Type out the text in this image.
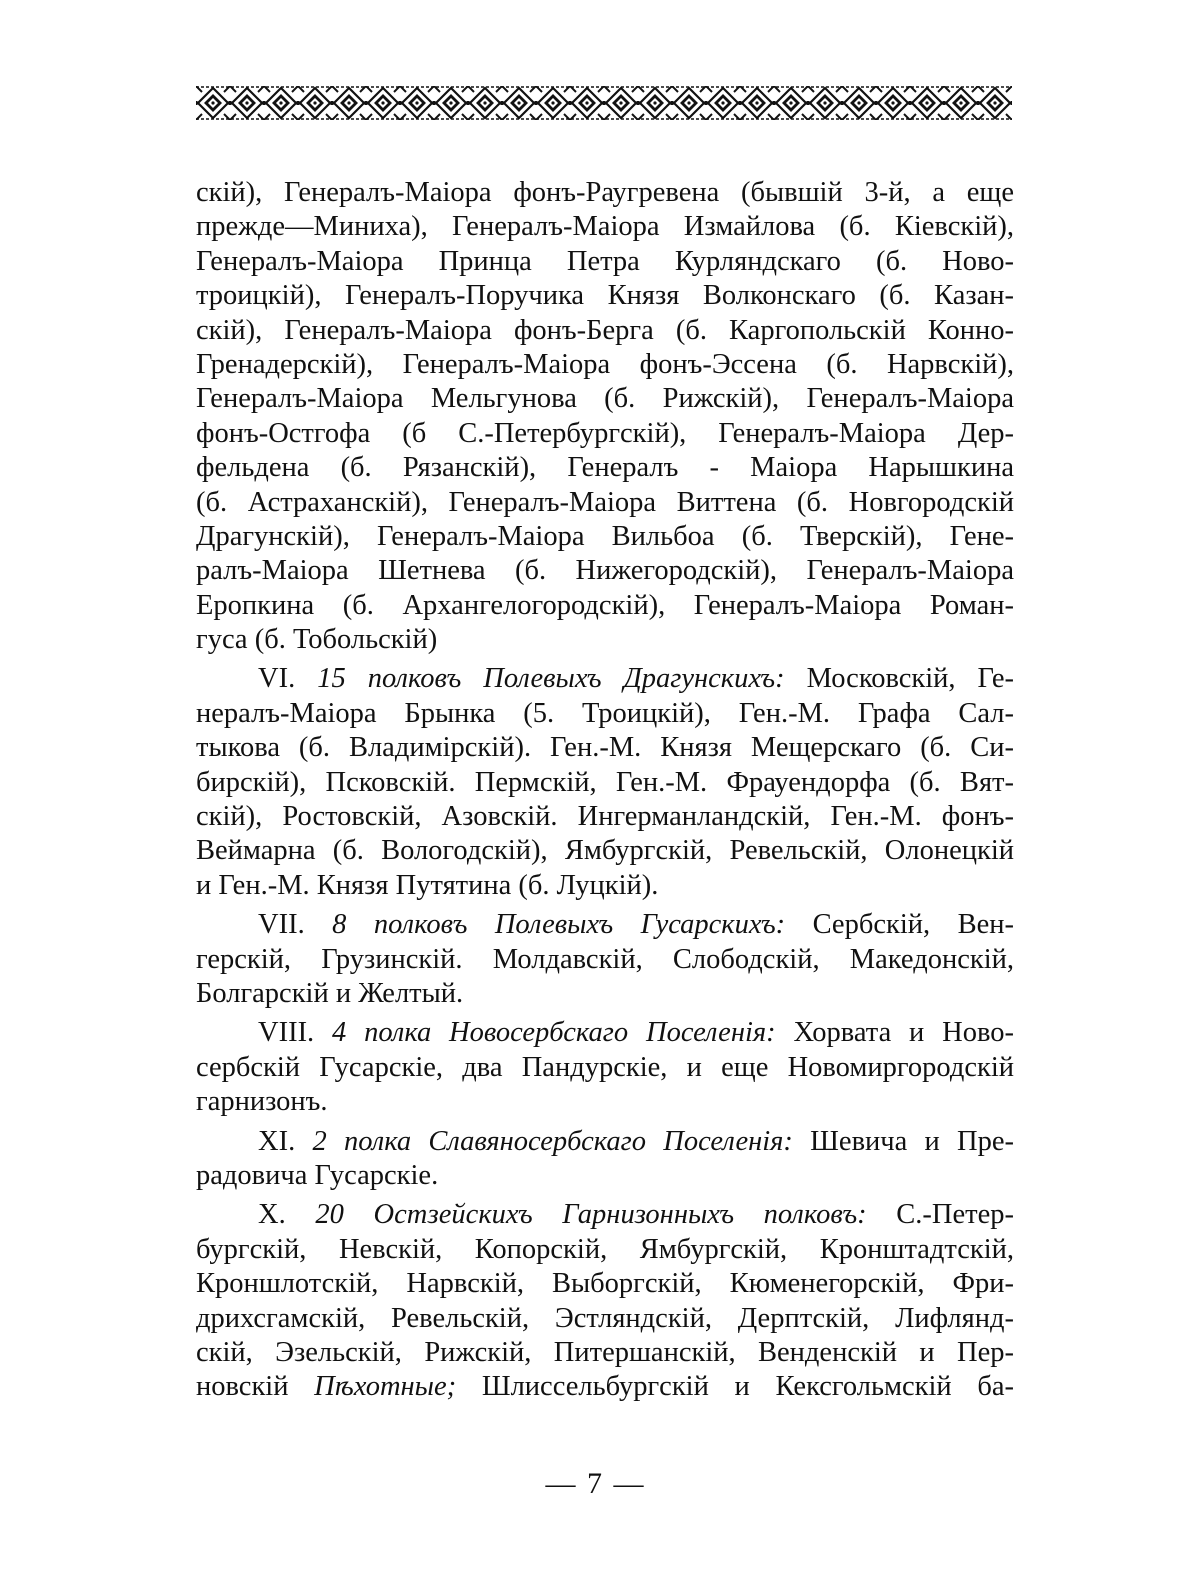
скій), Генералъ-Маіора фонъ-Раугревена (бывшій 3-й, а еще
прежде—Миниха), Генералъ-Маіора Измайлова (б. Кіевскій),
Генералъ-Маіора Принца Петра Курляндскаго (б. Ново-
троицкій), Генералъ-Поручика Князя Волконскаго (б. Казан-
скій), Генералъ-Маіора фонъ-Берга (б. Каргопольскій Конно-
Гренадерскій), Генералъ-Маіора фонъ-Эссена (б. Нарвскій),
Генералъ-Маіора Мельгунова (б. Рижскій), Генералъ-Маіора
фонъ-Остгофа (б С.-Петербургскій), Генералъ-Маіора Дер-
фельдена (б. Рязанскій), Генералъ - Маіора Нарышкина
(б. Астраханскій), Генералъ-Маіора Виттена (б. Новгородскій
Драгунскій), Генералъ-Маіора Вильбоа (б. Тверскій), Гене-
ралъ-Маіора Шетнева (б. Нижегородскій), Генералъ-Маіора
Еропкина (б. Архангелогородскій), Генералъ-Маіора Роман-
гуса (б. Тобольскій)
VI. 15 полковъ Полевыхъ Драгунскихъ: Московскій, Ге-
нералъ-Маіора Брынка (5. Троицкій), Ген.-М. Графа Сал-
тыкова (б. Владимірскій). Ген.-М. Князя Мещерскаго (б. Си-
бирскій), Псковскій. Пермскій, Ген.-М. Фрауендорфа (б. Вят-
скій), Ростовскій, Азовскій. Ингерманландскій, Ген.-М. фонъ-
Веймарна (б. Вологодскій), Ямбургскій, Ревельскій, Олонецкій
и Ген.-М. Князя Путятина (б. Луцкій).
VII. 8 полковъ Полевыхъ Гусарскихъ: Сербскій, Вен-
герскій, Грузинскій. Молдавскій, Слободскій, Македонскій,
Болгарскій и Желтый.
VIII. 4 полка Новосербскаго Поселенія: Хорвата и Ново-
сербскій Гусарскіе, два Пандурскіе, и еще Новомиргородскій
гарнизонъ.
XI. 2 полка Славяносербскаго Поселенія: Шевича и Пре-
радовича Гусарскіе.
X. 20 Остзейскихъ Гарнизонныхъ полковъ: С.-Петер-
бургскій, Невскій, Копорскій, Ямбургскій, Кронштадтскій,
Кроншлотскій, Нарвскій, Выборгскій, Кюменегорскій, Фри-
дрихсгамскій, Ревельскій, Эстляндскій, Дерптскій, Лифлянд-
скій, Эзельскій, Рижскій, Питершанскій, Венденскій и Пер-
новскій Пѣхотные; Шлиссельбургскій и Кексгольмскій ба-
— 7 —
